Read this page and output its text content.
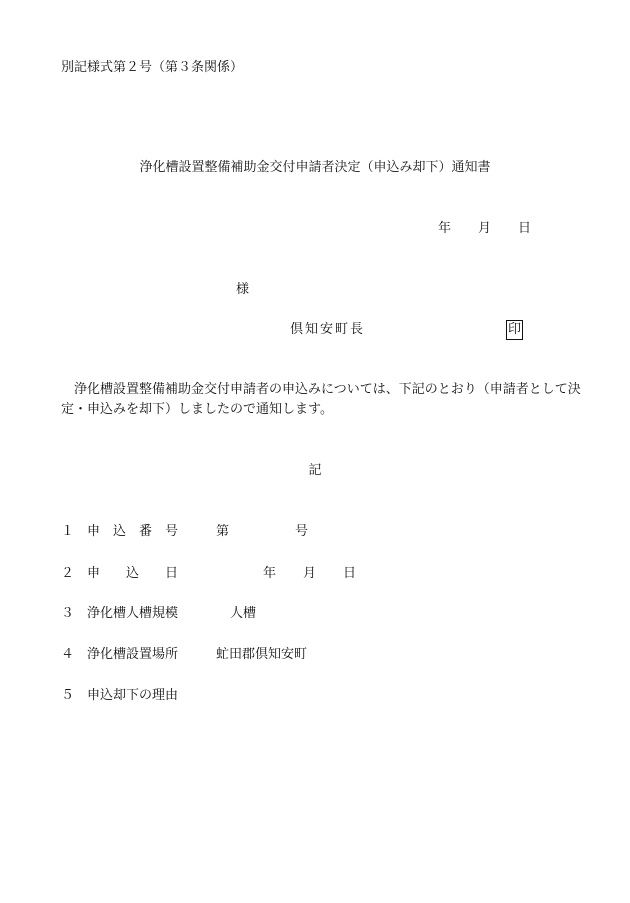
別記様式第２号（第３条関係）
浄化槽設置整備補助金交付申請者決定（申込み却下）通知書
年 月 日
様
倶知安町長	印
浄化槽設置整備補助金交付申請者の申込みについては、下記のとおり（申請者として決定・申込みを却下）しましたので通知します。
記
１ 申　込　番　号	第	号
２ 申　　込　　日	年 月 日
３ 浄化槽人槽規模	人槽
４ 浄化槽設置場所	虻田郡倶知安町
５ 申込却下の理由
